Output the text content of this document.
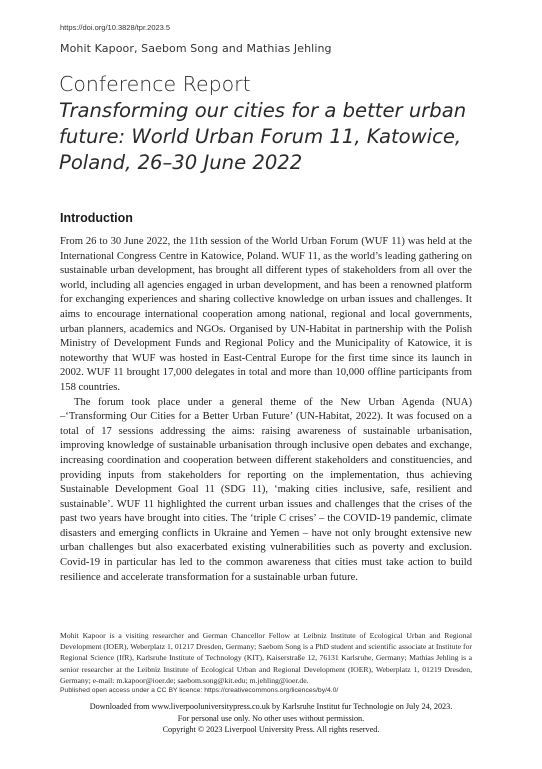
https://doi.org/10.3828/tpr.2023.5
Mohit Kapoor, Saebom Song and Mathias Jehling
Conference Report
Transforming our cities for a better urban future: World Urban Forum 11, Katowice, Poland, 26–30 June 2022
Introduction

From 26 to 30 June 2022, the 11th session of the World Urban Forum (WUF 11) was held at the International Congress Centre in Katowice, Poland. WUF 11, as the world’s leading gathering on sustainable urban development, has brought all different types of stakeholders from all over the world, including all agencies engaged in urban development, and has been a renowned platform for exchanging experiences and sharing collective knowledge on urban issues and challenges. It aims to encourage international cooperation among national, regional and local governments, urban planners, academics and NGOs. Organised by UN-Habitat in partnership with the Polish Ministry of Development Funds and Regional Policy and the Municipality of Katowice, it is noteworthy that WUF was hosted in East-Central Europe for the first time since its launch in 2002. WUF 11 brought 17,000 delegates in total and more than 10,000 offline participants from 158 countries.

The forum took place under a general theme of the New Urban Agenda (NUA) –‘Transforming Our Cities for a Better Urban Future’ (UN-Habitat, 2022). It was focused on a total of 17 sessions addressing the aims: raising awareness of sustainable urbanisation, improving knowledge of sustainable urbanisation through inclusive open debates and exchange, increasing coordination and cooperation between different stakeholders and constituencies, and providing inputs from stakeholders for reporting on the implementation, thus achieving Sustainable Development Goal 11 (SDG 11), ‘making cities inclusive, safe, resilient and sustainable’. WUF 11 highlighted the current urban issues and challenges that the crises of the past two years have brought into cities. The ‘triple C crises’ – the COVID-19 pandemic, climate disasters and emerging conflicts in Ukraine and Yemen – have not only brought extensive new urban challenges but also exacerbated existing vulnerabilities such as poverty and exclusion. Covid-19 in particular has led to the common awareness that cities must take action to build resilience and accelerate transformation for a sustainable urban future.

Mohit Kapoor is a visiting researcher and German Chancellor Fellow at Leibniz Institute of Ecological Urban and Regional Development (IOER), Weberplatz 1, 01217 Dresden, Germany; Saebom Song is a PhD student and scientific associate at Institute for Regional Science (IfR), Karlsruhe Institute of Technology (KIT), Kaiserstraße 12, 76131 Karlsruhe, Germany; Mathias Jehling is a senior researcher at the Leibniz Institute of Ecological Urban and Regional Development (IOER), Weberplatz 1, 01219 Dresden, Germany; e-mail: m.kapoor@ioer.de; saebom.song@kit.edu; m.jehling@ioer.de.
Published open access under a CC BY licence: https://creativecommons.org/licences/by/4.0/
Downloaded from www.liverpooluniversitypress.co.uk by Karlsruhe Institut fur Technologie on July 24, 2023.
For personal use only. No other uses without permission.
Copyright © 2023 Liverpool University Press. All rights reserved.
